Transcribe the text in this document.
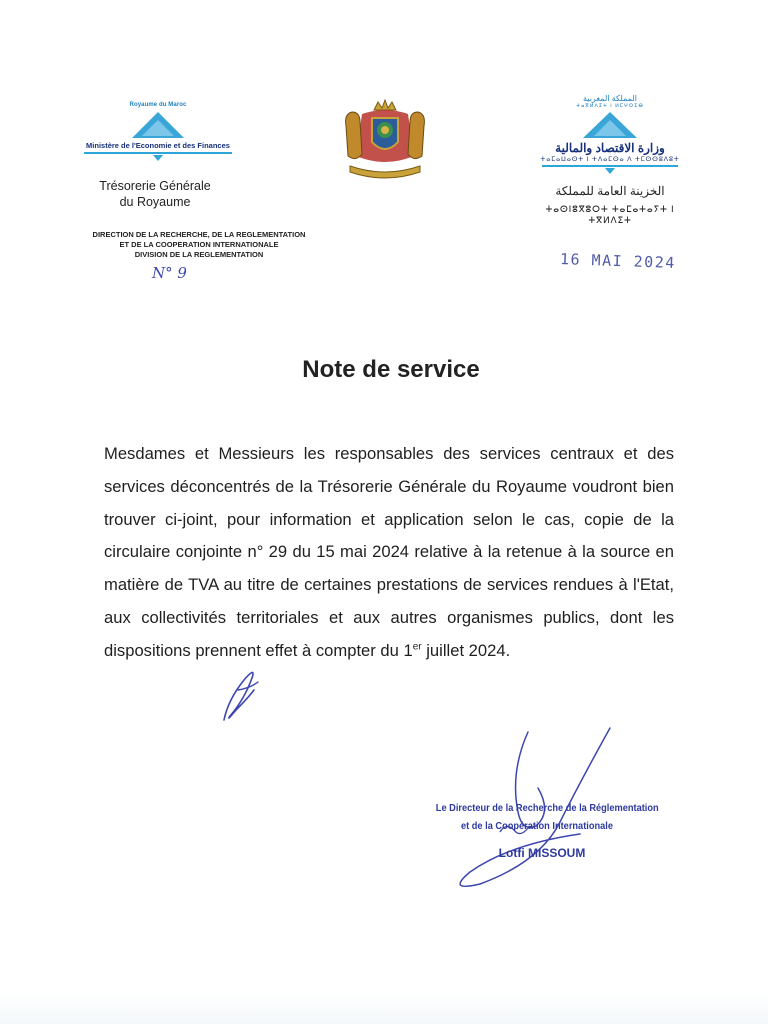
Royaume du Maroc
Ministère de l'Economie et des Finances
Trésorerie Générale
du Royaume
DIRECTION DE LA RECHERCHE, DE LA REGLEMENTATION
ET DE LA COOPERATION INTERNATIONALE
DIVISION DE LA REGLEMENTATION
N° 9
المملكة المغربية
ⵜⴰⴳⵍⴷⵉⵜ ⵏ ⵍⵎⵖⵔⵉⴱ
وزارة الاقتصاد والمالية
ⵜⴰⵎⴰⵡⴰⵙⵜ ⵏ ⵜⴷⴰⵎⵙⴰ ⴷ ⵜⵎⵙⵙⵓⴷⵓⵜ
الخزينة العامة للمملكة
ⵜⴰⵙⵏⵓⴳⵓⵔⵜ ⵜⴰⵎⴰⵜⴰⵢⵜ ⵏ ⵜⴳⵍⴷⵉⵜ
16 MAI 2024
Note de service
Mesdames et Messieurs les responsables des services centraux et des services déconcentrés de la Trésorerie Générale du Royaume voudront bien trouver ci-joint, pour information et application selon le cas, copie de la circulaire conjointe n° 29 du 15 mai 2024 relative à la retenue à la source en matière de TVA au titre de certaines prestations de services rendues à l'Etat, aux collectivités territoriales et aux autres organismes publics, dont les dispositions prennent effet à compter du 1er juillet 2024.
Le Directeur de la Recherche de la Réglementation
et de la Coopération Internationale
Lotfi MISSOUM
